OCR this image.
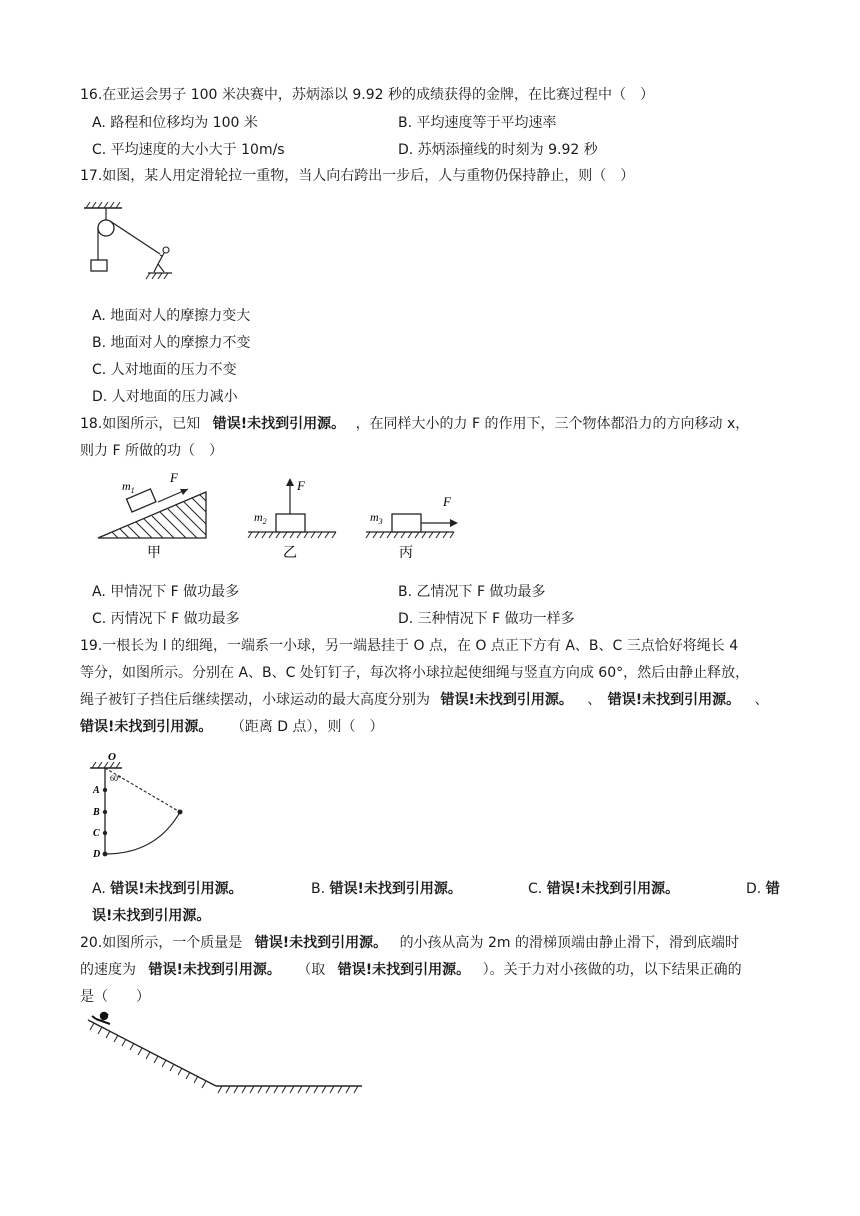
16.在亚运会男子 100 米决赛中，苏炳添以 9.92 秒的成绩获得的金牌，在比赛过程中（　）
A. 路程和位移均为 100 米	B. 平均速度等于平均速率
C. 平均速度的大小大于 10m/s	D. 苏炳添撞线的时刻为 9.92 秒
17.如图，某人用定滑轮拉一重物，当人向右跨出一步后，人与重物仍保持静止，则（　）
A. 地面对人的摩擦力变大
B. 地面对人的摩擦力不变
C. 人对地面的压力不变
D. 人对地面的压力减小
18.如图所示，已知 错误!未找到引用源。 ，在同样大小的力 F 的作用下，三个物体都沿力的方向移动 x，
则力 F 所做的功（　）
$m_1$
F
甲
$m_2$
F
乙
$m_3$
F
丙
A. 甲情况下 F 做功最多	B. 乙情况下 F 做功最多
C. 丙情况下 F 做功最多	D. 三种情况下 F 做功一样多
19.一根长为 l 的细绳，一端系一小球，另一端悬挂于 O 点，在 O 点正下方有 A、B、C 三点恰好将绳长 4
等分，如图所示。分别在 A、B、C 处钉钉子，每次将小球拉起使细绳与竖直方向成 60°，然后由静止释放，
绳子被钉子挡住后继续摆动，小球运动的最大高度分别为 错误!未找到引用源。 、 错误!未找到引用源。 、
错误!未找到引用源。 （距离 D 点），则（　）
O
60°
A
B
C
D
A. 错误!未找到引用源。	B. 错误!未找到引用源。	C. 错误!未找到引用源。	D. 错
误!未找到引用源。
20.如图所示，一个质量是 错误!未找到引用源。 的小孩从高为 2m 的滑梯顶端由静止滑下，滑到底端时
的速度为 错误!未找到引用源。 （取 错误!未找到引用源。 ）。关于力对小孩做的功，以下结果正确的
是（　　）
